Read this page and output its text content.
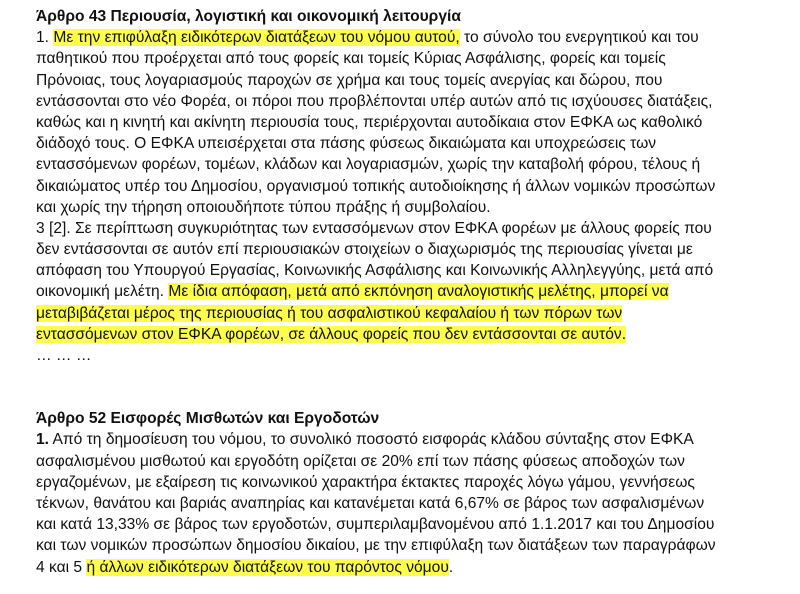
Άρθρο 43 Περιουσία, λογιστική και οικονομική λειτουργία
1. Με την επιφύλαξη ειδικότερων διατάξεων του νόμου αυτού, το σύνολο του ενεργητικού και του
παθητικού που προέρχεται από τους φορείς και τομείς Κύριας Ασφάλισης, φορείς και τομείς
Πρόνοιας, τους λογαριασμούς παροχών σε χρήμα και τους τομείς ανεργίας και δώρου, που
εντάσσονται στο νέο Φορέα, οι πόροι που προβλέπονται υπέρ αυτών από τις ισχύουσες διατάξεις,
καθώς και η κινητή και ακίνητη περιουσία τους, περιέρχονται αυτοδίκαια στον ΕΦΚΑ ως καθολικό
διάδοχό τους. Ο ΕΦΚΑ υπεισέρχεται στα πάσης φύσεως δικαιώματα και υποχρεώσεις των
εντασσόμενων φορέων, τομέων, κλάδων και λογαριασμών, χωρίς την καταβολή φόρου, τέλους ή
δικαιώματος υπέρ του Δημοσίου, οργανισμού τοπικής αυτοδιοίκησης ή άλλων νομικών προσώπων
και χωρίς την τήρηση οποιουδήποτε τύπου πράξης ή συμβολαίου.
3 [2]. Σε περίπτωση συγκυριότητας των εντασσόμενων στον ΕΦΚΑ φορέων με άλλους φορείς που
δεν εντάσσονται σε αυτόν επί περιουσιακών στοιχείων ο διαχωρισμός της περιουσίας γίνεται με
απόφαση του Υπουργού Εργασίας, Κοινωνικής Ασφάλισης και Κοινωνικής Αλληλεγγύης, μετά από
οικονομική μελέτη. Με ίδια απόφαση, μετά από εκπόνηση αναλογιστικής μελέτης, μπορεί να
μεταβιβάζεται μέρος της περιουσίας ή του ασφαλιστικού κεφαλαίου ή των πόρων των
εντασσόμενων στον ΕΦΚΑ φορέων, σε άλλους φορείς που δεν εντάσσονται σε αυτόν.
… … …
Άρθρο 52 Εισφορές Μισθωτών και Εργοδοτών
1. Από τη δημοσίευση του νόμου, το συνολικό ποσοστό εισφοράς κλάδου σύνταξης στον ΕΦΚΑ
ασφαλισμένου μισθωτού και εργοδότη ορίζεται σε 20% επί των πάσης φύσεως αποδοχών των
εργαζομένων, με εξαίρεση τις κοινωνικού χαρακτήρα έκτακτες παροχές λόγω γάμου, γεννήσεως
τέκνων, θανάτου και βαριάς αναπηρίας και κατανέμεται κατά 6,67% σε βάρος των ασφαλισμένων
και κατά 13,33% σε βάρος των εργοδοτών, συμπεριλαμβανομένου από 1.1.2017 και του Δημοσίου
και των νομικών προσώπων δημοσίου δικαίου, με την επιφύλαξη των διατάξεων των παραγράφων
4 και 5 ή άλλων ειδικότερων διατάξεων του παρόντος νόμου.
